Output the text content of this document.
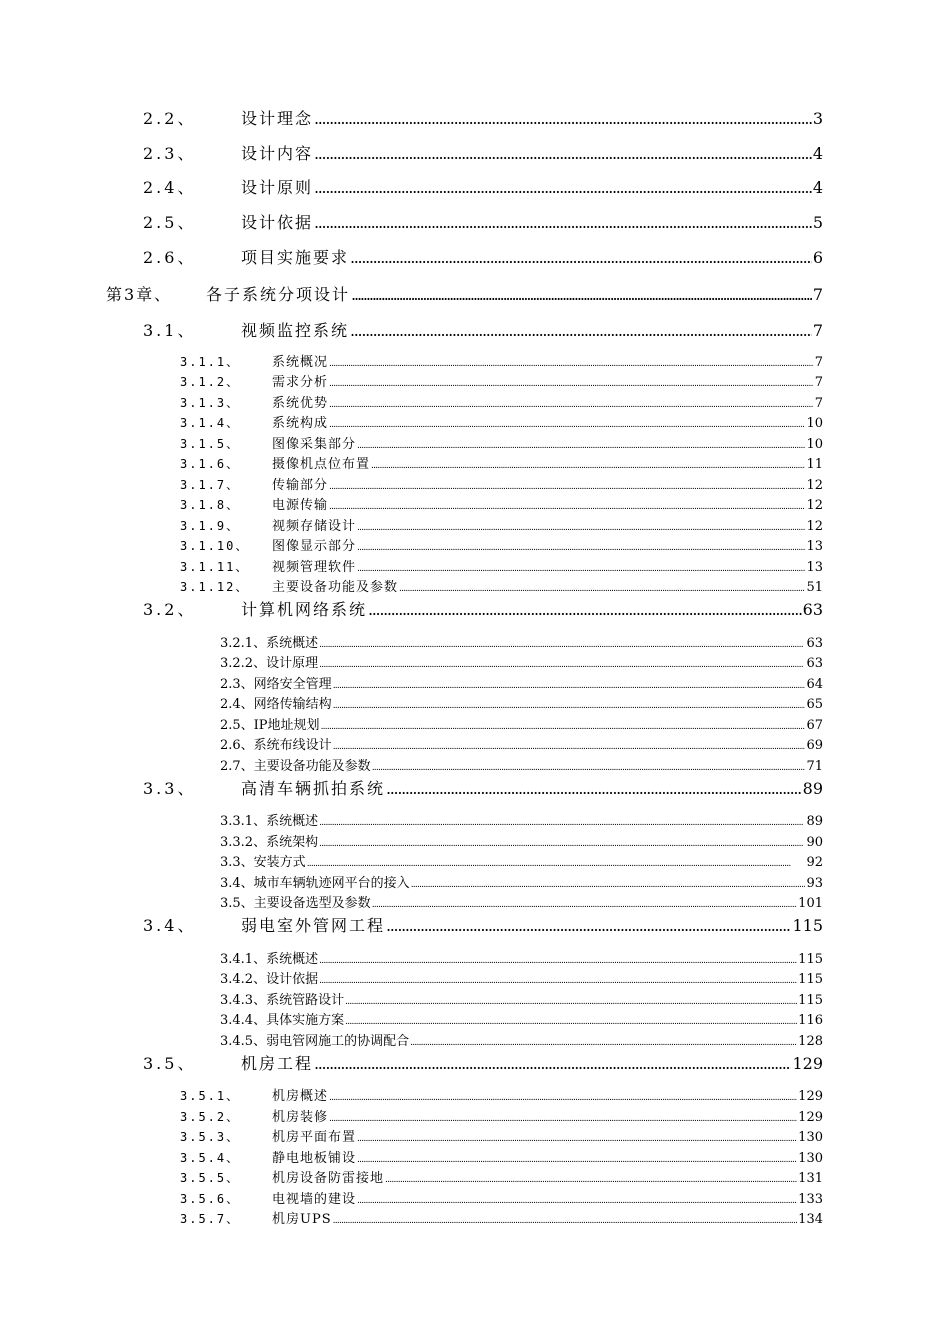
2.2、	设计理念 . . .	3
2.3、	设计内容 . . .	4
2.4、	设计原则 . . .	4
2.5、	设计依据 . . .	5
2.6、	项目实施要求 . . .	6
第3章、	各子系统分项设计 . . .	7
3.1、	视频监控系统 . . .	7
3.1.1、	系统概况 . . .	7
3.1.2、	需求分析 . . .	7
3.1.3、	系统优势 . . .	7
3.1.4、	系统构成 . . .	10
3.1.5、	图像采集部分 . . .	10
3.1.6、	摄像机点位布置 . . .	11
3.1.7、	传输部分 . . .	12
3.1.8、	电源传输 . . .	12
3.1.9、	视频存储设计 . . .	12
3.1.10、	图像显示部分 . . .	13
3.1.11、	视频管理软件 . . .	13
3.1.12、	主要设备功能及参数 . . .	51
3.2、	计算机网络系统 . . .	63
3.2.1、系统概述 . . .	63
3.2.2、设计原理 . . .	63
2.3、网络安全管理 . . .	64
2.4、网络传输结构 . . .	65
2.5、IP地址规划 . . .	67
2.6、系统布线设计 . . .	69
2.7、主要设备功能及参数 . . .	71
3.3、	高清车辆抓拍系统 . . .	89
3.3.1、系统概述 . . .	89
3.3.2、系统架构 . . .	90
3.3、安装方式 . . .	92
3.4、城市车辆轨迹网平台的接入 . . .	93
3.5、主要设备选型及参数 . . .	101
3.4、	弱电室外管网工程 . . .	115
3.4.1、系统概述 . . .	115
3.4.2、设计依据 . . .	115
3.4.3、系统管路设计 . . .	115
3.4.4、具体实施方案 . . .	116
3.4.5、弱电管网施工的协调配合 . . .	128
3.5、	机房工程 . . .	129
3.5.1、	机房概述 . . .	129
3.5.2、	机房装修 . . .	129
3.5.3、	机房平面布置 . . .	130
3.5.4、	静电地板铺设 . . .	130
3.5.5、	机房设备防雷接地 . . .	131
3.5.6、	电视墙的建设 . . .	133
3.5.7、	机房UPS . . .	134
